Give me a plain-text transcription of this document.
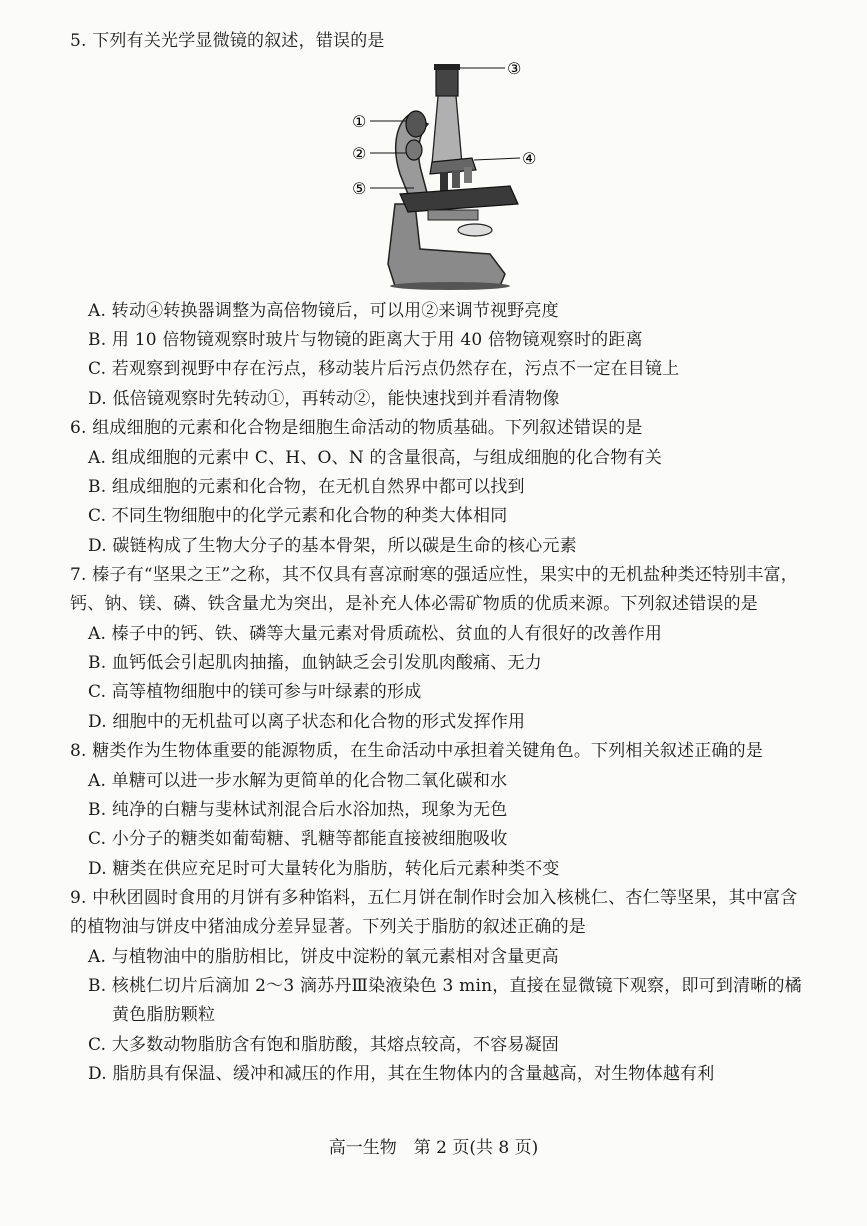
5. 下列有关光学显微镜的叙述，错误的是
①
②
③
④
⑤
A. 转动④转换器调整为高倍物镜后，可以用②来调节视野亮度
B. 用 10 倍物镜观察时玻片与物镜的距离大于用 40 倍物镜观察时的距离
C. 若观察到视野中存在污点，移动装片后污点仍然存在，污点不一定在目镜上
D. 低倍镜观察时先转动①，再转动②，能快速找到并看清物像
6. 组成细胞的元素和化合物是细胞生命活动的物质基础。下列叙述错误的是
A. 组成细胞的元素中 C、H、O、N 的含量很高，与组成细胞的化合物有关
B. 组成细胞的元素和化合物，在无机自然界中都可以找到
C. 不同生物细胞中的化学元素和化合物的种类大体相同
D. 碳链构成了生物大分子的基本骨架，所以碳是生命的核心元素
7. 榛子有“坚果之王”之称，其不仅具有喜凉耐寒的强适应性，果实中的无机盐种类还特别丰富，
钙、钠、镁、磷、铁含量尤为突出，是补充人体必需矿物质的优质来源。下列叙述错误的是
A. 榛子中的钙、铁、磷等大量元素对骨质疏松、贫血的人有很好的改善作用
B. 血钙低会引起肌肉抽搐，血钠缺乏会引发肌肉酸痛、无力
C. 高等植物细胞中的镁可参与叶绿素的形成
D. 细胞中的无机盐可以离子状态和化合物的形式发挥作用
8. 糖类作为生物体重要的能源物质，在生命活动中承担着关键角色。下列相关叙述正确的是
A. 单糖可以进一步水解为更简单的化合物二氧化碳和水
B. 纯净的白糖与斐林试剂混合后水浴加热，现象为无色
C. 小分子的糖类如葡萄糖、乳糖等都能直接被细胞吸收
D. 糖类在供应充足时可大量转化为脂肪，转化后元素种类不变
9. 中秋团圆时食用的月饼有多种馅料，五仁月饼在制作时会加入核桃仁、杏仁等坚果，其中富含
的植物油与饼皮中猪油成分差异显著。下列关于脂肪的叙述正确的是
A. 与植物油中的脂肪相比，饼皮中淀粉的氧元素相对含量更高
B. 核桃仁切片后滴加 2～3 滴苏丹Ⅲ染液染色 3 min，直接在显微镜下观察，即可到清晰的橘
黄色脂肪颗粒
C. 大多数动物脂肪含有饱和脂肪酸，其熔点较高，不容易凝固
D. 脂肪具有保温、缓冲和减压的作用，其在生物体内的含量越高，对生物体越有利
高一生物　第 2 页(共 8 页)
